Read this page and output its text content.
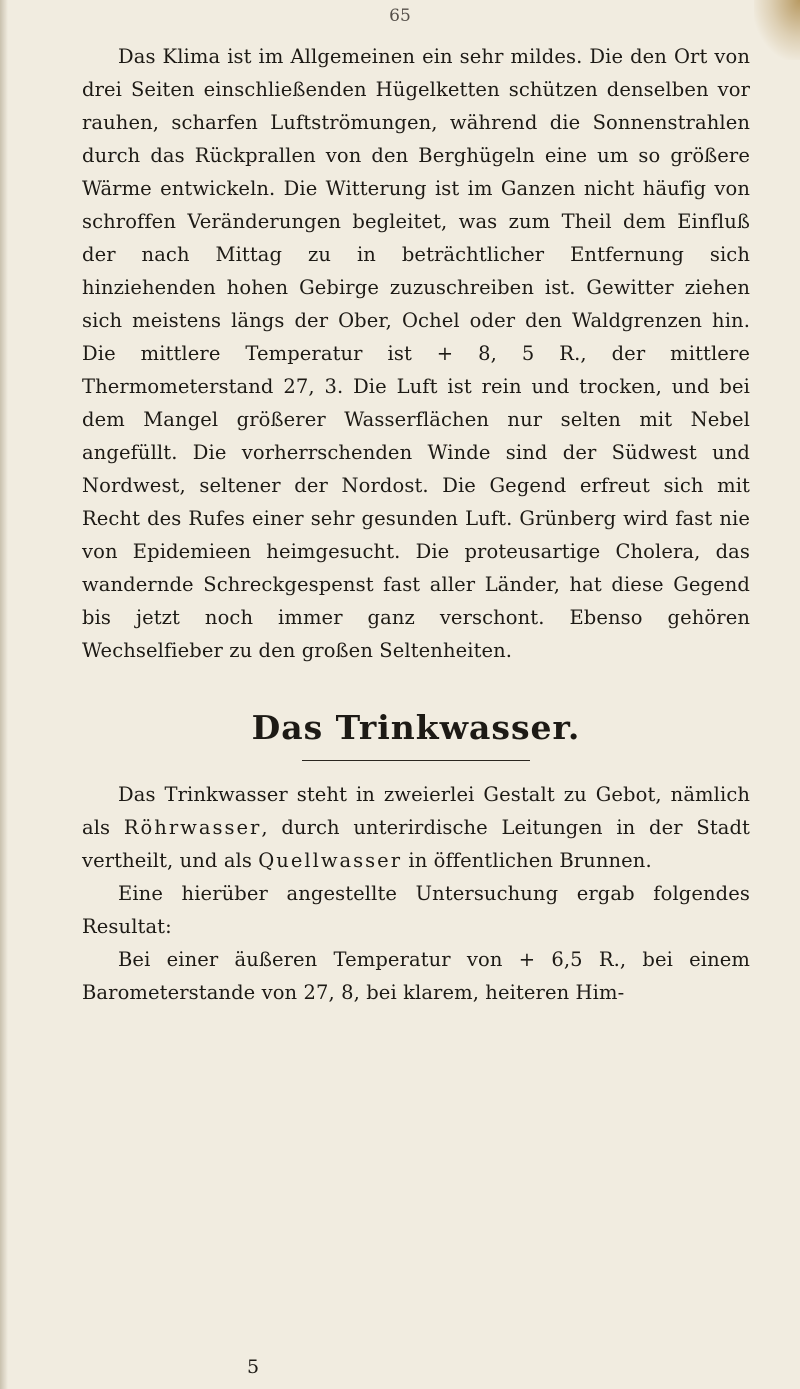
65

Das Klima ist im Allgemeinen ein sehr mildes. Die den Ort von drei Seiten einschließenden Hügelketten schützen denselben vor rauhen, scharfen Luftströmungen, während die Sonnenstrahlen durch das Rückprallen von den Berghügeln eine um so größere Wärme entwickeln. Die Witterung ist im Ganzen nicht häufig von schroffen Veränderungen begleitet, was zum Theil dem Einfluß der nach Mittag zu in beträchtlicher Entfernung sich hinziehenden hohen Gebirge zuzuschreiben ist. Gewitter ziehen sich meistens längs der Ober, Ochel oder den Waldgrenzen hin. Die mittlere Temperatur ist + 8, 5 R., der mittlere Thermometerstand 27, 3. Die Luft ist rein und trocken, und bei dem Mangel größerer Wasserflächen nur selten mit Nebel angefüllt. Die vorherrschenden Winde sind der Südwest und Nordwest, seltener der Nordost. Die Gegend erfreut sich mit Recht des Rufes einer sehr gesunden Luft. Grünberg wird fast nie von Epidemieen heimgesucht. Die proteusartige Cholera, das wandernde Schreckgespenst fast aller Länder, hat diese Gegend bis jetzt noch immer ganz verschont. Ebenso gehören Wechselfieber zu den großen Seltenheiten.

Das Trinkwasser.

Das Trinkwasser steht in zweierlei Gestalt zu Gebot, nämlich als Röhrwasser, durch unterirdische Leitungen in der Stadt vertheilt, und als Quellwasser in öffentlichen Brunnen.

Eine hierüber angestellte Untersuchung ergab folgendes Resultat:

Bei einer äußeren Temperatur von + 6,5 R., bei einem Barometerstande von 27, 8, bei klarem, heiteren Him-

5
